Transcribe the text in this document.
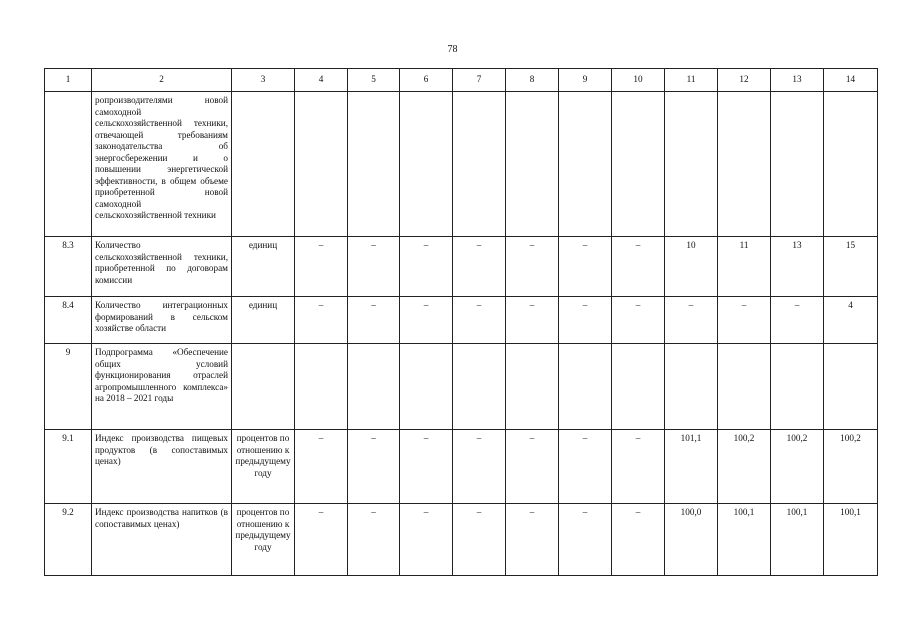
78
1	2	3	4	5	6	7	8	9	10	11	12	13	14
	ропроизводителями новой самоходной сельскохозяйственной техники, отвечающей требованиям законодательства об энергосбережении и о повышении энергетической эффективности, в общем объеме приобретенной новой самоходной сельскохозяйственной техники												
8.3	Количество сельскохозяйственной техники, приобретенной по договорам комиссии	единиц	–	–	–	–	–	–	–	10	11	13	15
8.4	Количество интеграционных формирований в сельском хозяйстве области	единиц	–	–	–	–	–	–	–	–	–	–	4
9	Подпрограмма «Обеспечение общих условий функционирования отраслей агропромышленного комплекса» на 2018 – 2021 годы												
9.1	Индекс производства пищевых продуктов (в сопоставимых ценах)	процентов по отношению к предыдущему году	–	–	–	–	–	–	–	101,1	100,2	100,2	100,2
9.2	Индекс производства напитков (в сопоставимых ценах)	процентов по отношению к предыдущему году	–	–	–	–	–	–	–	100,0	100,1	100,1	100,1
